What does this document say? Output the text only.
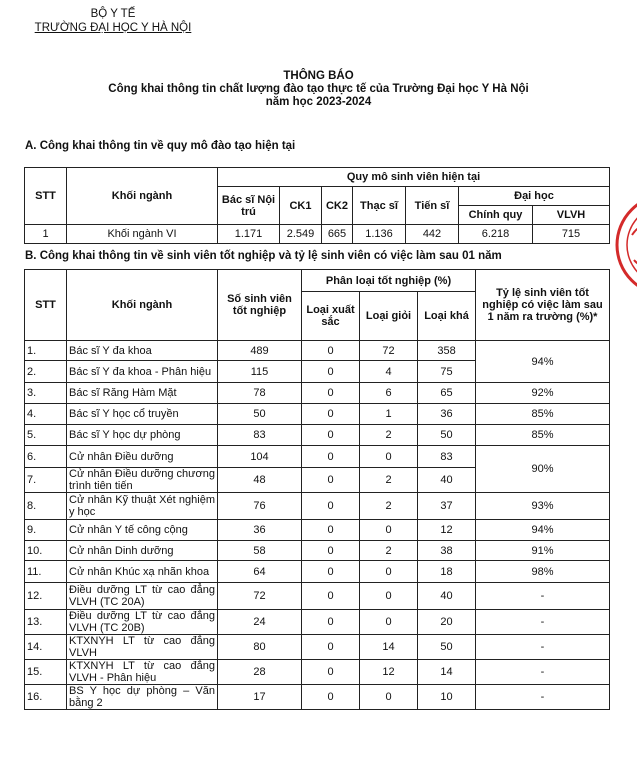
BỘ Y TẾ
TRƯỜNG ĐẠI HỌC Y HÀ NỘI
THÔNG BÁO
Công khai thông tin chất lượng đào tạo thực tế của Trường Đại học Y Hà Nội
năm học 2023-2024
A. Công khai thông tin về quy mô đào tạo hiện tại
STT	Khối ngành	Quy mô sinh viên hiện tại						
		Bác sĩ Nội trú	CK1	CK2	Thạc sĩ	Tiến sĩ	Đại học	
							Chính quy	VLVH
1	Khối ngành VI	1.171	2.549	665	1.136	442	6.218	715
B. Công khai thông tin về sinh viên tốt nghiệp và tỷ lệ sinh viên có việc làm sau 01 năm
STT	Khối ngành	Số sinh viên tốt nghiệp	Phân loại tốt nghiệp (%)			Tỷ lệ sinh viên tốt nghiệp có việc làm sau 1 năm ra trường (%)*
			Loại xuất sắc	Loại giỏi	Loại khá	
1.	Bác sĩ Y đa khoa	489	0	72	358	94%
2.	Bác sĩ Y đa khoa - Phân hiệu	115	0	4	75	
3.	Bác sĩ Răng Hàm Mặt	78	0	6	65	92%
4.	Bác sĩ Y học cổ truyền	50	0	1	36	85%
5.	Bác sĩ Y học dự phòng	83	0	2	50	85%
6.	Cử nhân Điều dưỡng	104	0	0	83	90%
7.	Cử nhân Điều dưỡng chương trình tiên tiến	48	0	2	40	
8.	Cử nhân Kỹ thuật Xét nghiệm y học	76	0	2	37	93%
9.	Cử nhân Y tế công cộng	36	0	0	12	94%
10.	Cử nhân Dinh dưỡng	58	0	2	38	91%
11.	Cử nhân Khúc xạ nhãn khoa	64	0	0	18	98%
12.	Điều dưỡng LT từ cao đẳng VLVH (TC 20A)	72	0	0	40	-
13.	Điều dưỡng LT từ cao đẳng VLVH (TC 20B)	24	0	0	20	-
14.	KTXNYH LT từ cao đẳng VLVH	80	0	14	50	-
15.	KTXNYH LT từ cao đẳng VLVH - Phân hiệu	28	0	12	14	-
16.	BS Y học dự phòng – Văn bằng 2	17	0	0	10	-
